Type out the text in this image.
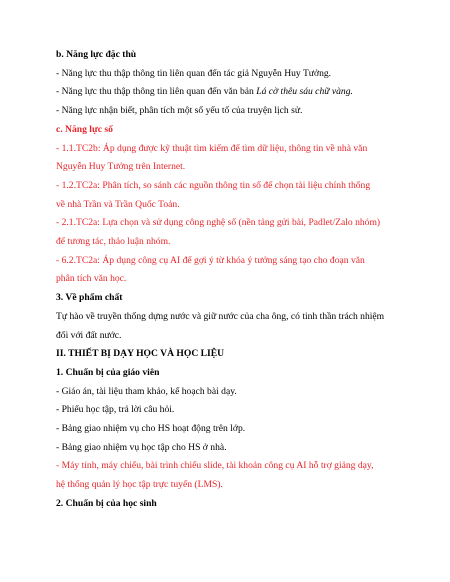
b. Năng lực đặc thù
- Năng lực thu thập thông tin liên quan đến tác giả Nguyễn Huy Tưởng.
- Năng lực thu thập thông tin liên quan đến văn bản Lá cờ thêu sáu chữ vàng.
- Năng lực nhận biết, phân tích một số yếu tố của truyện lịch sử.
c. Năng lực số
- 1.1.TC2b: Áp dụng được kỹ thuật tìm kiếm để tìm dữ liệu, thông tin về nhà văn
Nguyễn Huy Tưởng trên Internet.
- 1.2.TC2a: Phân tích, so sánh các nguồn thông tin số để chọn tài liệu chính thống
về nhà Trần và Trần Quốc Toản.
- 2.1.TC2a: Lựa chọn và sử dụng công nghệ số (nền tảng gửi bài, Padlet/Zalo nhóm)
để tương tác, thảo luận nhóm.
- 6.2.TC2a: Áp dụng công cụ AI để gợi ý từ khóa ý tưởng sáng tạo cho đoạn văn
phân tích văn học.
3. Về phẩm chất
Tự hào về truyền thống dựng nước và giữ nước của cha ông, có tinh thần trách nhiệm
đối với đất nước.
II. THIẾT BỊ DẠY HỌC VÀ HỌC LIỆU
1. Chuẩn bị của giáo viên
- Giáo án, tài liệu tham khảo, kế hoạch bài dạy.
- Phiếu học tập, trả lời câu hỏi.
- Bảng giao nhiệm vụ cho HS hoạt động trên lớp.
- Bảng giao nhiệm vụ học tập cho HS ở nhà.
- Máy tính, máy chiếu, bài trình chiếu slide, tài khoản công cụ AI hỗ trợ giảng dạy,
hệ thống quản lý học tập trực tuyến (LMS).
2. Chuẩn bị của học sinh
